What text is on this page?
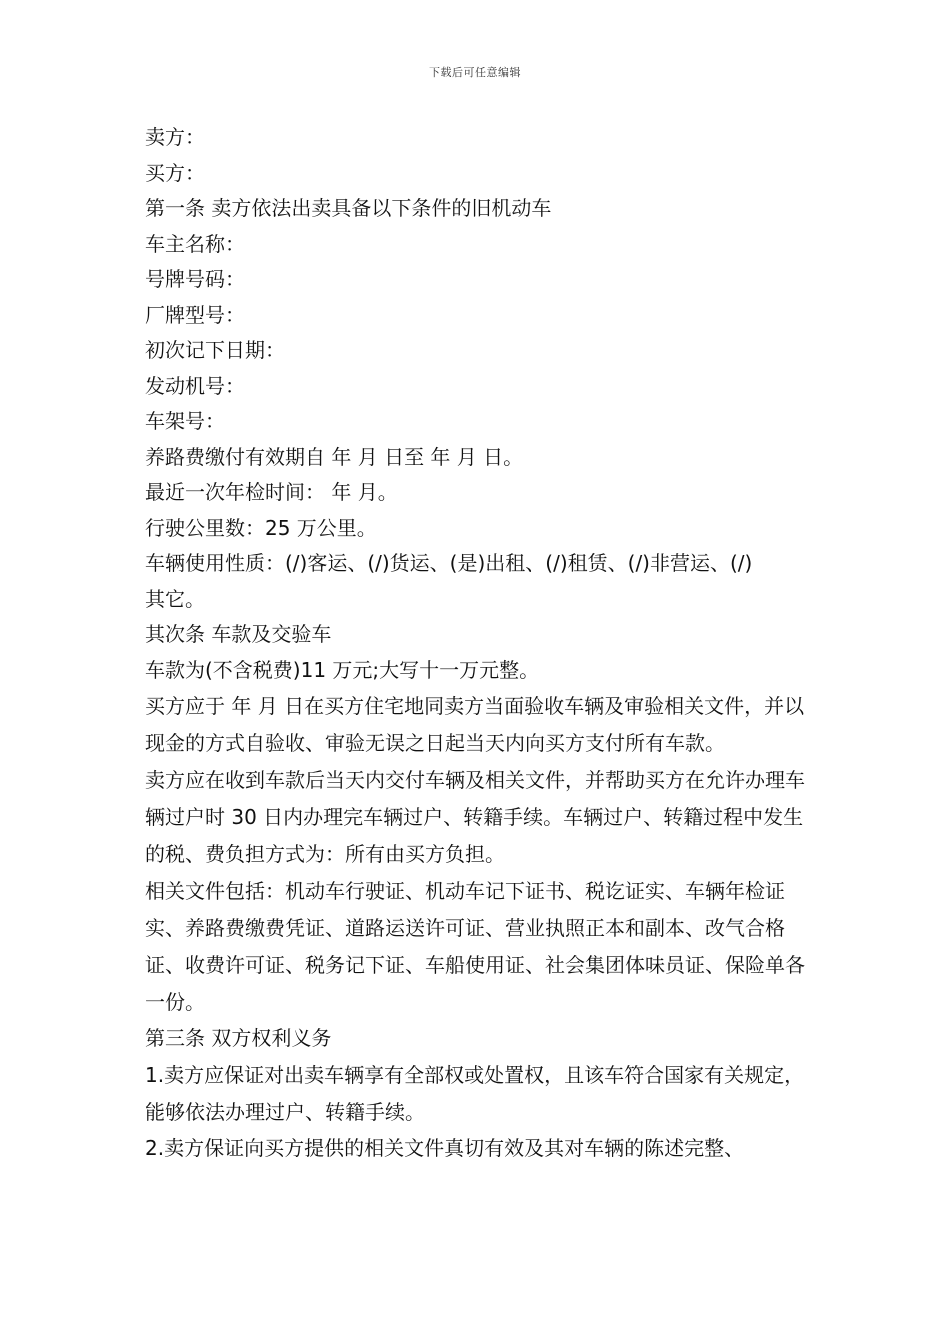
下载后可任意编辑

卖方：

买方：

第一条 卖方依法出卖具备以下条件的旧机动车

车主名称：

号牌号码：

厂牌型号：

初次记下日期：

发动机号：

车架号：

养路费缴付有效期自 年 月 日至 年 月 日。

最近一次年检时间： 年 月。

行驶公里数：25 万公里。

车辆使用性质：(/)客运、(/)货运、(是)出租、(/)租赁、(/)非营运、(/)

其它。

其次条 车款及交验车

车款为(不含税费)11 万元;大写十一万元整。

买方应于 年 月 日在买方住宅地同卖方当面验收车辆及审验相关文件，并以现金的方式自验收、审验无误之日起当天内向买方支付所有车款。

卖方应在收到车款后当天内交付车辆及相关文件，并帮助买方在允许办理车辆过户时 30 日内办理完车辆过户、转籍手续。车辆过户、转籍过程中发生的税、费负担方式为：所有由买方负担。

相关文件包括：机动车行驶证、机动车记下证书、税讫证实、车辆年检证实、养路费缴费凭证、道路运送许可证、营业执照正本和副本、改气合格证、收费许可证、税务记下证、车船使用证、社会集团体味员证、保险单各一份。

第三条 双方权利义务

1.卖方应保证对出卖车辆享有全部权或处置权，且该车符合国家有关规定，能够依法办理过户、转籍手续。

2.卖方保证向买方提供的相关文件真切有效及其对车辆的陈述完整、
